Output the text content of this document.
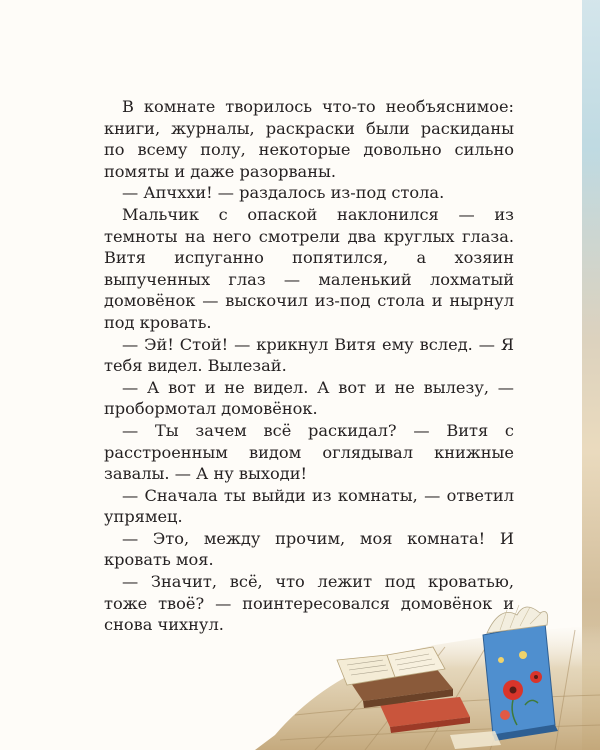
В комнате творилось что-то необъяснимое: книги, журналы, раскраски были раскиданы по всему полу, некоторые довольно сильно помяты и даже разорваны.

— Апчххи! — раздалось из-под стола.

Мальчик с опаской наклонился — из темноты на него смотрели два круглых глаза. Витя испуганно попятился, а хозяин выпученных глаз — маленький лохматый домовёнок — выскочил из-под стола и нырнул под кровать.

— Эй! Стой! — крикнул Витя ему вслед. — Я тебя видел. Вылезай.

— А вот и не видел. А вот и не вылезу, — пробормотал домовёнок.

— Ты зачем всё раскидал? — Витя с расстроенным видом оглядывал книжные завалы. — А ну выходи!

— Сначала ты выйди из комнаты, — ответил упрямец.

— Это, между прочим, моя комната! И кровать моя.

— Значит, всё, что лежит под кроватью, тоже твоё? — поинтересовался домовёнок и снова чихнул.
